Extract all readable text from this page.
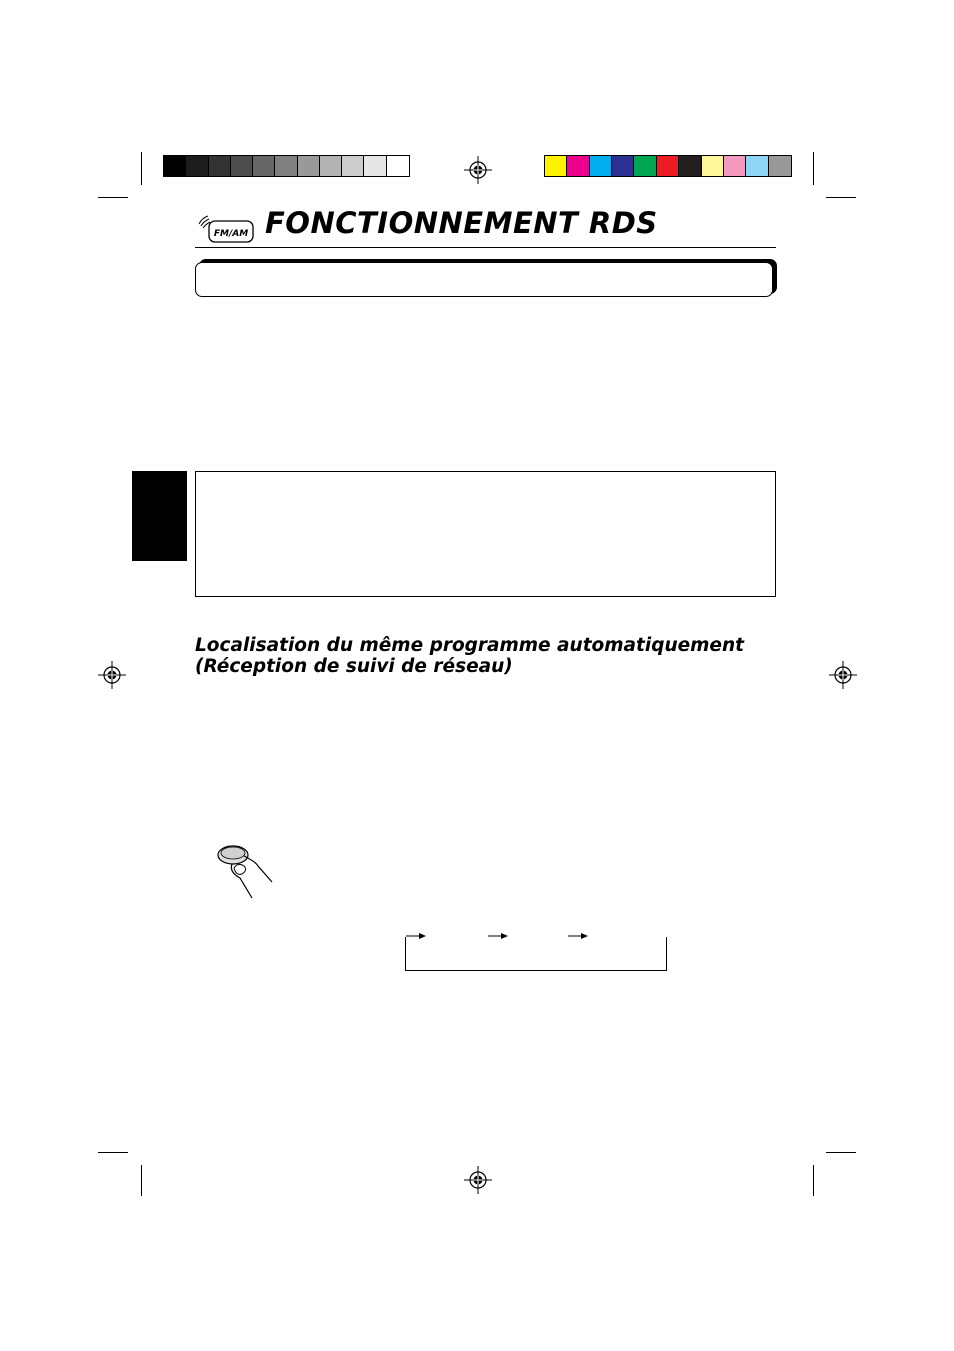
FM/AM FONCTIONNEMENT RDS
Localisation du même programme automatiquement
(Réception de suivi de réseau)
